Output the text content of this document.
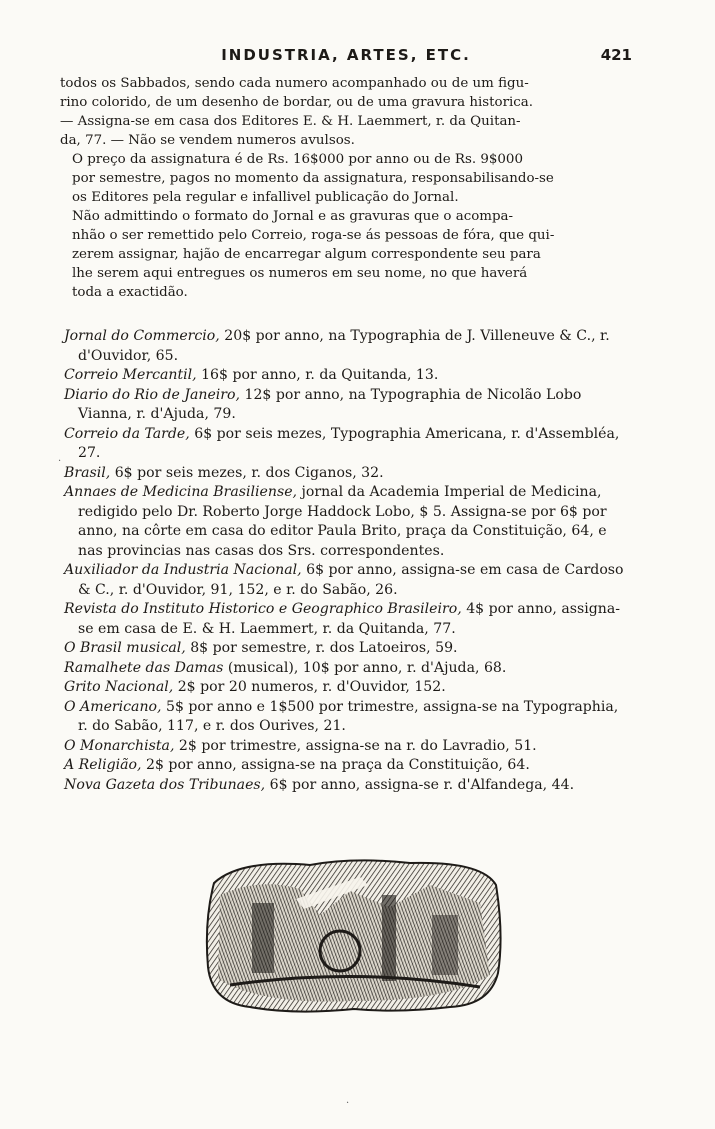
INDUSTRIA, ARTES, ETC.	421

todos os Sabbados, sendo cada numero acompanhado ou de um figu-
rino colorido, de um desenho de bordar, ou de uma gravura historica.
— Assigna-se em casa dos Editores E. & H. Laemmert, r. da Quitan-
da, 77. — Não se vendem numeros avulsos.

O preço da assignatura é de Rs. 16$000 por anno ou de Rs. 9$000
por semestre, pagos no momento da assignatura, responsabilisando-se
os Editores pela regular e infallivel publicação do Jornal.

Não admittindo o formato do Jornal e as gravuras que o acompa-
nhão o ser remettido pelo Correio, roga-se ás pessoas de fóra, que qui-
zerem assignar, hajão de encarregar algum correspondente seu para
lhe serem aqui entregues os numeros em seu nome, no que haverá
toda a exactidão.

Jornal do Commercio, 20$ por anno, na Typographia de J. Villeneuve & C., r. d'Ouvidor, 65.

Correio Mercantil, 16$ por anno, r. da Quitanda, 13.

Diario do Rio de Janeiro, 12$ por anno, na Typographia de Nicolão Lobo Vianna, r. d'Ajuda, 79.

Correio da Tarde, 6$ por seis mezes, Typographia Americana, r. d'Assembléa, 27.

Brasil, 6$ por seis mezes, r. dos Ciganos, 32.

Annaes de Medicina Brasiliense, jornal da Academia Imperial de Medicina, redigido pelo Dr. Roberto Jorge Haddock Lobo, $ 5. Assigna-se por 6$ por anno, na côrte em casa do editor Paula Brito, praça da Constituição, 64, e nas provincias nas casas dos Srs. correspondentes.

Auxiliador da Industria Nacional, 6$ por anno, assigna-se em casa de Cardoso & C., r. d'Ouvidor, 91, 152, e r. do Sabão, 26.

Revista do Instituto Historico e Geographico Brasileiro, 4$ por anno, assigna-se em casa de E. & H. Laemmert, r. da Quitanda, 77.

O Brasil musical, 8$ por semestre, r. dos Latoeiros, 59.

Ramalhete das Damas (musical), 10$ por anno, r. d'Ajuda, 68.

Grito Nacional, 2$ por 20 numeros, r. d'Ouvidor, 152.

O Americano, 5$ por anno e 1$500 por trimestre, assigna-se na Typographia, r. do Sabão, 117, e r. dos Ourives, 21.

O Monarchista, 2$ por trimestre, assigna-se na r. do Lavradio, 51.

A Religião, 2$ por anno, assigna-se na praça da Constituição, 64.

Nova Gazeta dos Tribunaes, 6$ por anno, assigna-se r. d'Alfandega, 44.

·
·
